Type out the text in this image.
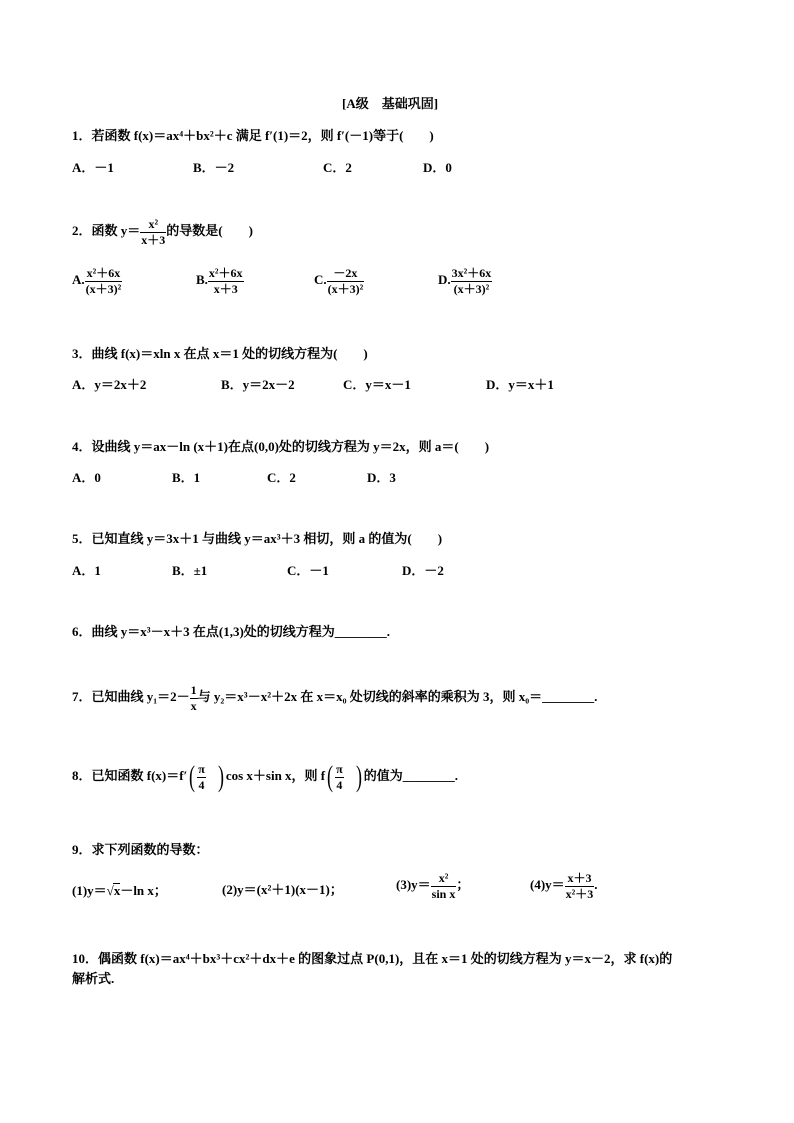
[A级　基础巩固]
1．若函数 f(x)＝ax⁴＋bx²＋c 满足 f′(1)＝2，则 f′(－1)等于(　　)
A．－1	B．－2	C．2	D．0
2．函数 $y= \frac{\text{x²}}{x+3}$ 的导数是(　　)
A. $\frac{\text{x²＋6x}}{\text{(x＋3)²}}$	B. $\frac{\text{x²＋6x}}{x+3}$	C. $\frac{-2x}{\text{(x＋3)²}}$	D. $\frac{\text{3x²＋6x}}{\text{(x＋3)²}}$
3．曲线 f(x)＝xln x 在点 x＝1 处的切线方程为(　　)
A．y＝2x＋2	B．y＝2x－2	C．y＝x－1	D．y＝x＋1
4．设曲线 y＝ax－ln (x＋1)在点(0,0)处的切线方程为 y＝2x，则 a＝(　　)
A．0	B．1	C．2	D．3
5．已知直线 y＝3x＋1 与曲线 y＝ax³＋3 相切，则 a 的值为(　　)
A．1	B．±1	C．－1	D．－2
6．曲线 y＝x³－x＋3 在点(1,3)处的切线方程为________.
7．已知曲线 $y_1=2- \frac{1}{x}$ 与 y₂＝x³－x²＋2x 在 x＝x₀ 处切线的斜率的乘积为 3，则 x₀＝________.
8．已知函数 $f(x)=f'( \frac{\pi}{4}$ ) cos x＋sin x，则 $f( \frac{\pi}{4}$ ) 的值为________.
9．求下列函数的导数：
(1)y＝√x－ln x；	(2)y＝(x²＋1)(x－1)；	$(3)y= \frac{\text{x²}}{\text{sin x}}$ ；	$(4)y= \frac{x+3}{\text{x²＋3}}$ .
10．偶函数 f(x)＝ax⁴＋bx³＋cx²＋dx＋e 的图象过点 P(0,1)，且在 x＝1 处的切线方程为 y＝x－2，求 f(x)的
解析式.
